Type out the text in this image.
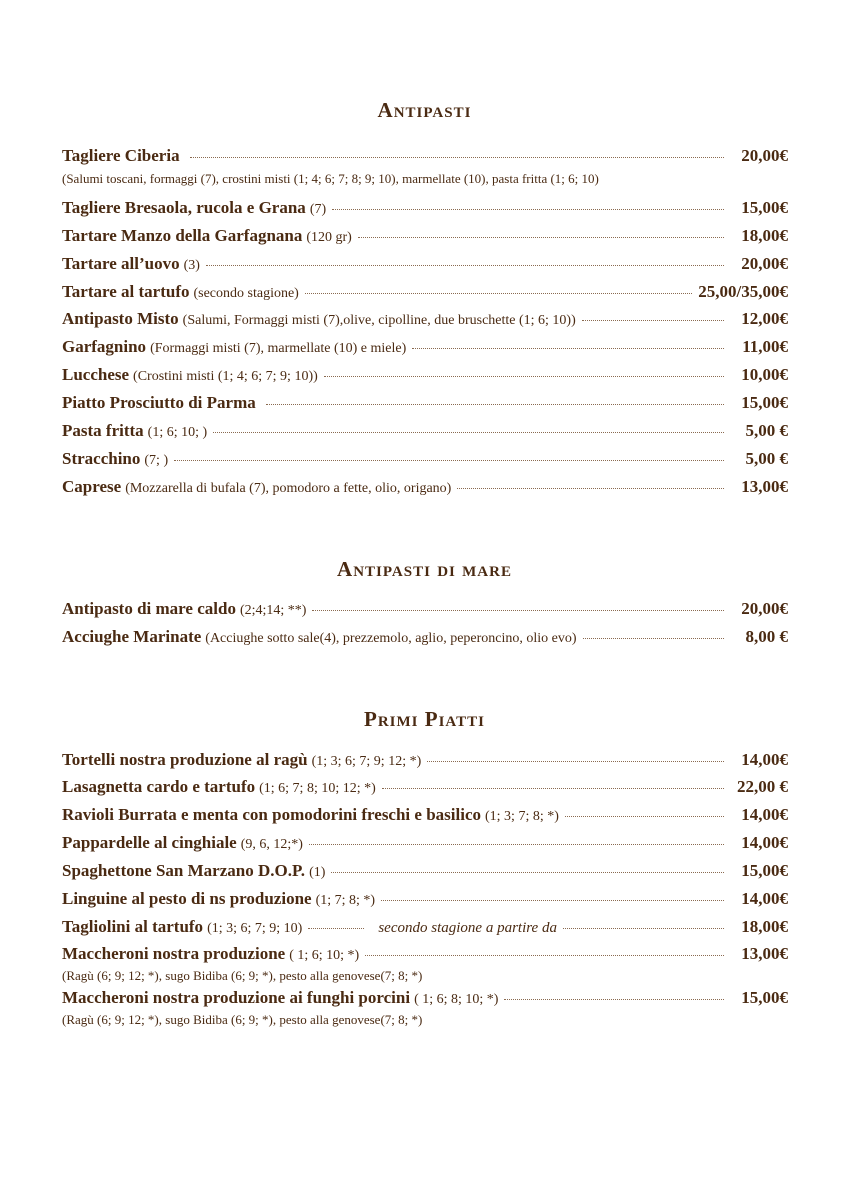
Antipasti
Tagliere Ciberia	20,00€
(Salumi toscani, formaggi (7), crostini misti (1; 4; 6; 7; 8; 9; 10), marmellate (10), pasta fritta (1; 6; 10)
Tagliere Bresaola, rucola e Grana (7)	15,00€
Tartare Manzo della Garfagnana (120 gr)	18,00€
Tartare all’uovo (3)	20,00€
Tartare al tartufo (secondo stagione)	25,00/35,00€
Antipasto Misto (Salumi, Formaggi misti (7),olive, cipolline, due bruschette (1; 6; 10))	12,00€
Garfagnino (Formaggi misti (7), marmellate (10) e miele)	11,00€
Lucchese (Crostini misti (1; 4; 6; 7; 9; 10))	10,00€
Piatto Prosciutto di Parma	15,00€
Pasta fritta (1; 6; 10; )	5,00 €
Stracchino (7; )	5,00 €
Caprese (Mozzarella di bufala (7), pomodoro a fette, olio, origano)	13,00€
Antipasti di mare
Antipasto di mare caldo (2;4;14; **)	20,00€
Acciughe Marinate (Acciughe sotto sale(4), prezzemolo, aglio, peperoncino, olio evo)	8,00 €
Primi Piatti
Tortelli nostra produzione al ragù (1; 3; 6; 7; 9; 12; *)	14,00€
Lasagnetta cardo e tartufo (1; 6; 7; 8; 10; 12; *)	22,00 €
Ravioli Burrata e menta con pomodorini freschi e basilico (1; 3; 7; 8; *)	14,00€
Pappardelle al cinghiale (9, 6, 12;*)	14,00€
Spaghettone San Marzano D.O.P. (1)	15,00€
Linguine al pesto di ns produzione (1; 7; 8; *)	14,00€
Tagliolini al tartufo (1; 3; 6; 7; 9; 10)	secondo stagione a partire da	18,00€
Maccheroni nostra produzione ( 1; 6; 10; *)	13,00€
(Ragù (6; 9; 12; *), sugo Bidiba (6; 9; *), pesto alla genovese(7; 8; *)
Maccheroni nostra produzione ai funghi porcini ( 1; 6; 8; 10; *)	15,00€
(Ragù (6; 9; 12; *), sugo Bidiba (6; 9; *), pesto alla genovese(7; 8; *)
